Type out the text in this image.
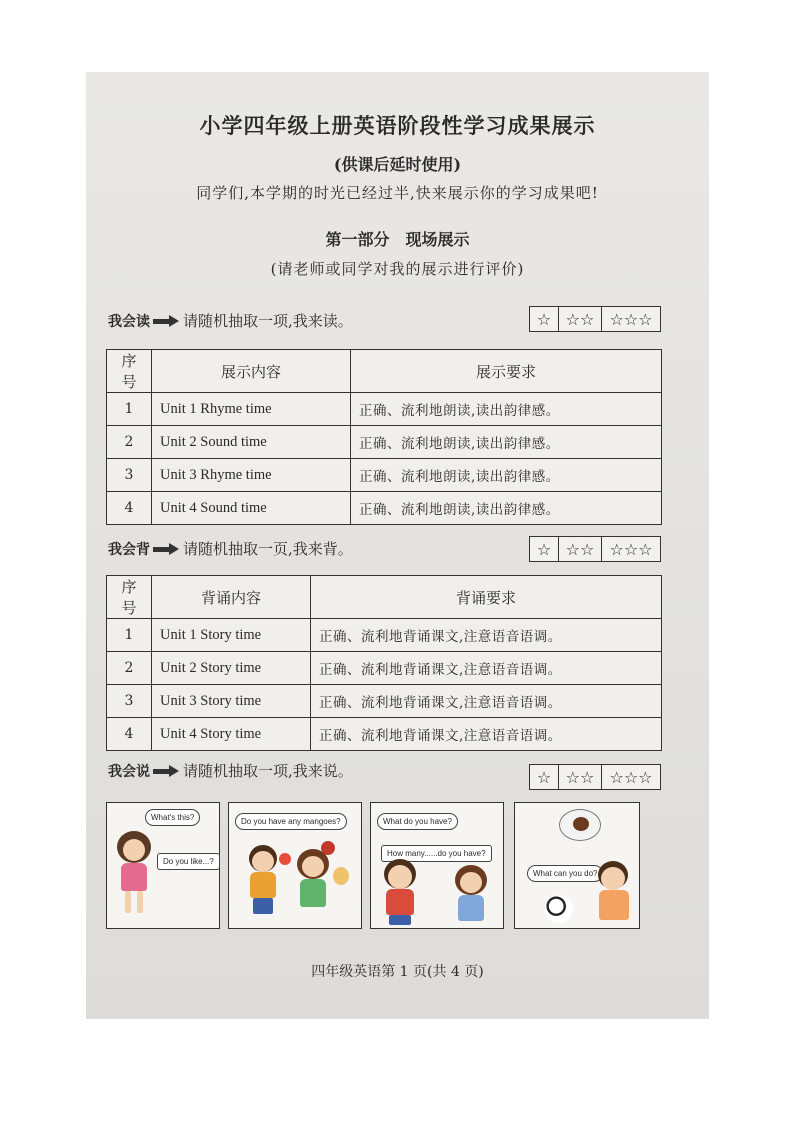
小学四年级上册英语阶段性学习成果展示
(供课后延时使用)
同学们,本学期的时光已经过半,快来展示你的学习成果吧!
第一部分　现场展示
(请老师或同学对我的展示进行评价)
我会读 请随机抽取一项,我来读。	☆ ☆☆ ☆☆☆
序号	展示内容	展示要求
1	Unit 1 Rhyme time	正确、流利地朗读,读出韵律感。
2	Unit 2 Sound time	正确、流利地朗读,读出韵律感。
3	Unit 3 Rhyme time	正确、流利地朗读,读出韵律感。
4	Unit 4 Sound time	正确、流利地朗读,读出韵律感。
我会背 请随机抽取一页,我来背。	☆ ☆☆ ☆☆☆
序号	背诵内容	背诵要求
1	Unit 1 Story time	正确、流利地背诵课文,注意语音语调。
2	Unit 2 Story time	正确、流利地背诵课文,注意语音语调。
3	Unit 3 Story time	正确、流利地背诵课文,注意语音语调。
4	Unit 4 Story time	正确、流利地背诵课文,注意语音语调。
我会说 请随机抽取一项,我来说。	☆ ☆☆ ☆☆☆
What's this?
Do you like...?
Do you have any mangoes?	What do you have?
How many......do you have?
What can you do?
四年级英语第 1 页(共 4 页)
